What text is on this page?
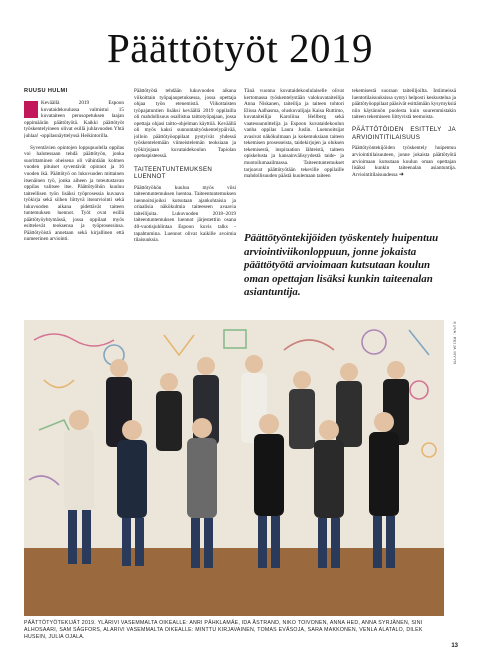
Päättötyöt 2019

RUUSU HULMI

Keväällä 2019 Espoon kuvataidekoulussa valmistui 15 kuvataiteen perusopetuksen laajan oppimäärän päättötyötä. Kaikki päättötyöt työskentelyineen olivat esillä juhlavuoden Yhtä juhlaa! -oppilasnäyttelyssä Heikintorilla.

Syventävien opintojen loppupuolella oppilas voi halutessaan tehdä päättötyön, jonka suorittaminen oheisena oli vähintään kolmen vuoden pituiset syventävät opinnot ja 16 vuoden ikä. Päättötyö on lukuvuoden mittainen itsenäinen työ, jonka aiheen ja toteutustavan oppilas valitsee itse. Päättötyöhön kuuluu taiteellisen työn lisäksi työprosessia kuvaava työkirja sekä siihen liittyvä itsearviointi sekä lukuvuoden aikana pidettävät taiteen tuntemuksen luennot. Työt ovat esillä päättötyöyhtymässä, jossa oppilaat myös esittelevät teoksensa ja työprosessinsa. Päättötyöistä annetaan sekä kirjallinen että numeerinen arviointi.

Päättötyötä tehdään lukuvuoden aikana viikoittain työpajaopetuksessa, jossa opettaja ohjaa työn etenemistä. Viikottaisten työpajatuntien lisäksi keväällä 2019 oppilailla oli mahdollisuus osallistua taittotyöpajaan, jossa opettaja ohjasi taitto-ohjelman käyttöä. Keväällä oli myös kaksi sunnuntaityöskentelypäivää, jolloin päättötyöoppilaat pystyivät yhdessä työskentelemään viimeistelemän teoksiaan ja työkirjojaan kuvataidekoulun Tapiolan opetuspisteessä.

TAITEENTUNTEMUKSEN LUENNOT

Päättötyöhön kuuluu myös viisi taiteentuntemuksen luentoa. Taiteentuntemuksen luennoitsijoiksi kutsutaan ajankohtaisia ja oriaalisia näkökulmia taiteeseen avaavia taiteilijoita. Lukuvuoden 2018–2019 taiteentuntemuksen luennot järjestettiin osana 40-vuotisjuhlintaa Espoon kuvis talks -tapahtumina. Luennot olivat kaikille avoimia tilaisuuksia.

Tänä vuonna kuvataidekoululaiselle olivat kertomassa työskentelystään valokuvataiteilija Anna Niskanen, taiteilija ja taiteen tohtori Elissa Aalhasma, oluskuvalijaja Kaisa Ruttimo, kuvataiteilija Karoliina Hellberg sekä vaatesuunnittelija ja Espoon kuvataidekoulun vanha oppilas Laura Juslin. Luennoitsijat avasivat näkökulmaan ja kokemuksiaan taiteen tekemisen prosesseista, taidekirjojen ja oluksen tekemisestä, inspiraation lähteistä, taiteen opiskelusta ja kansainvälisyydestä taide- ja muotoilumaailmassa. Taiteentuntemukset tarjoavat päättötyötään tekeville oppilaille mahdollisuuden päästä kuulemaan taiteen

tekemisestä suoraan taiteilijoilta. Intiimeissä luentotilaisuuksissa syntyi helposti keskustelua ja päättötyöoppilaat pääsivät esittämään kysymyksiä niin käytännön puolesta kuin suuremmistakin taiteen tekemiseen liittyvistä teemoista.

PÄÄTTÖTÖIDEN ESITTELY JA ARVIOINTITILAISUUS

Päättötyöntekijöiden työskentely huipentuu arviointitilaisuuteen, jonne jokaista päättötyötä arvioimaan kutsutaan koulun oman opettajan lisäksi kunkin taiteenalan asiantuntija. Arviointitilaisuudessa ➜

Päättötyöntekijöiden työskentely huipentuu arviointiviikonloppuun, jonne jokaista päättötyötä arvioimaan kutsutaan koulun oman opettajan lisäksi kunkin taiteenalan asiantuntija.
KUVA: REIJA MYYR
PÄÄTTÖTYÖTEKIJÄT 2019. YLÄRIVI VASEMMALTA OIKEALLE: ANRI PÄHKLAMÄE, IDA ÅSTRAND, NIKO TOIVONEN, ANNA HED, ANNA SYRJÄNEN, SINI ALHOSAARI, SAM SÄGFORS, ALARIVI VASEMMALTA OIKEALLE: MINTTU KIRJAVAINEN, TOMAS EVÄSOJA, SARA MAKKONEN, VENLA ALATALO, DILEK HUSEIN, JULIA OJALA.
13
